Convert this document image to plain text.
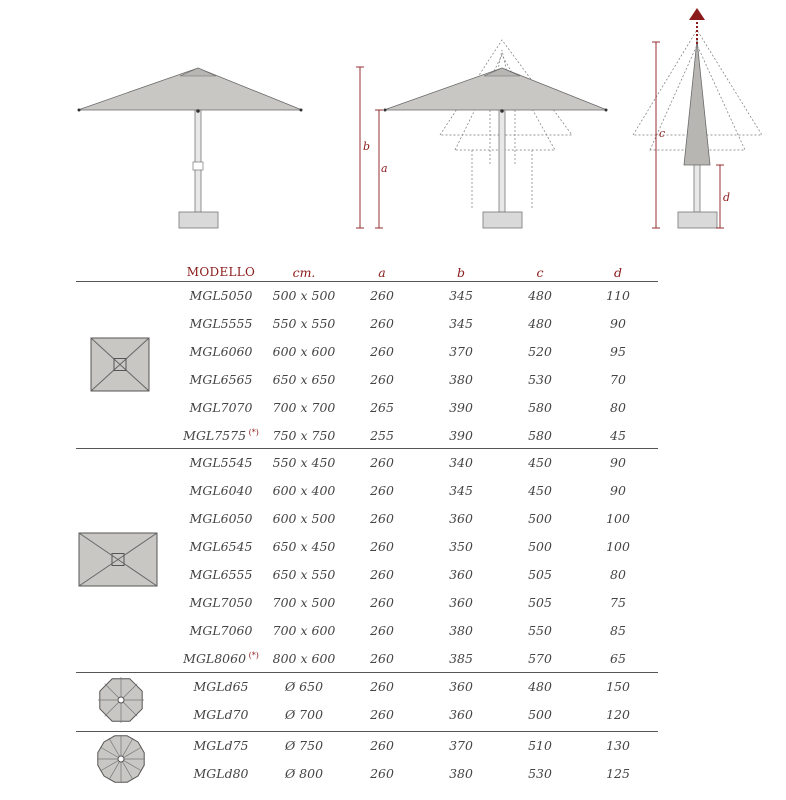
b
a
c
d
MODELLO	cm.	a	b	c	d
MGL5050	500 x 500	260	345	480	110
MGL5555	550 x 550	260	345	480	90
MGL6060	600 x 600	260	370	520	95
MGL6565	650 x 650	260	380	530	70
MGL7070	700 x 700	265	390	580	80
MGL7575 (*)	750 x 750	255	390	580	45
MGL5545	550 x 450	260	340	450	90
MGL6040	600 x 400	260	345	450	90
MGL6050	600 x 500	260	360	500	100
MGL6545	650 x 450	260	350	500	100
MGL6555	650 x 550	260	360	505	80
MGL7050	700 x 500	260	360	505	75
MGL7060	700 x 600	260	380	550	85
MGL8060 (*)	800 x 600	260	385	570	65
MGLd65	Ø 650	260	360	480	150
MGLd70	Ø 700	260	360	500	120
MGLd75	Ø 750	260	370	510	130
MGLd80	Ø 800	260	380	530	125
